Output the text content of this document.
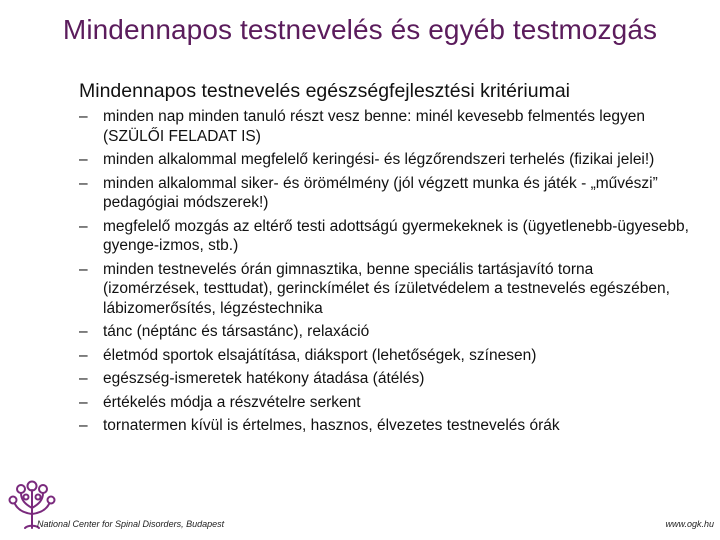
Mindennapos testnevelés és egyéb testmozgás
Mindennapos testnevelés egészségfejlesztési kritériumai
– minden nap minden tanuló részt vesz benne: minél kevesebb felmentés legyen (SZÜLŐI FELADAT IS)
– minden alkalommal megfelelő keringési- és légzőrendszeri terhelés (fizikai jelei!)
– minden alkalommal siker- és örömélmény (jól végzett munka és játék - „művészi” pedagógiai módszerek!)
– megfelelő mozgás az eltérő testi adottságú gyermekeknek is (ügyetlenebb-ügyesebb, gyenge-izmos, stb.)
– minden testnevelés órán gimnasztika, benne speciális tartásjavító torna (izomérzések, testtudat), gerinckímélet és ízületvédelem a testnevelés egészében, lábizomerősítés, légzéstechnika
– tánc (néptánc és társastánc), relaxáció
– életmód sportok elsajátítása, diáksport (lehetőségek, színesen)
– egészség-ismeretek hatékony átadása (átélés)
– értékelés módja a részvételre serkent
– tornatermen kívül is értelmes, hasznos, élvezetes testnevelés órák
National Center for Spinal Disorders, Budapest	www.ogk.hu
